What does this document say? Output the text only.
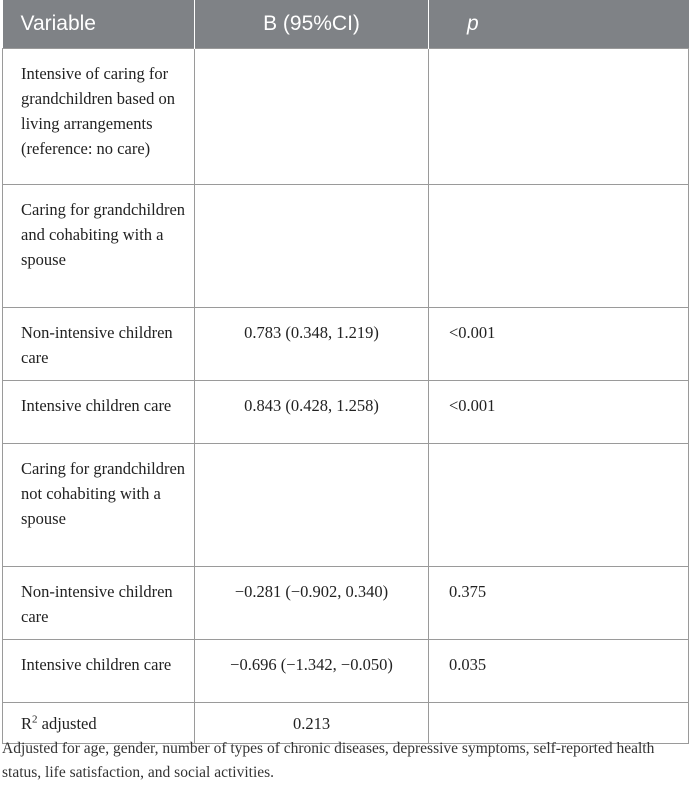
Variable	B (95%CI)	p
Intensive of caring for grandchildren based on living arrangements (reference: no care)		
Caring for grandchildren and cohabiting with a spouse		
Non-intensive children care	0.783 (0.348, 1.219)	<0.001
Intensive children care	0.843 (0.428, 1.258)	<0.001
Caring for grandchildren not cohabiting with a spouse		
Non-intensive children care	−0.281 (−0.902, 0.340)	0.375
Intensive children care	−0.696 (−1.342, −0.050)	0.035
$R^2$ adjusted	0.213	
Adjusted for age, gender, number of types of chronic diseases, depressive symptoms, self-reported health status, life satisfaction, and social activities.
